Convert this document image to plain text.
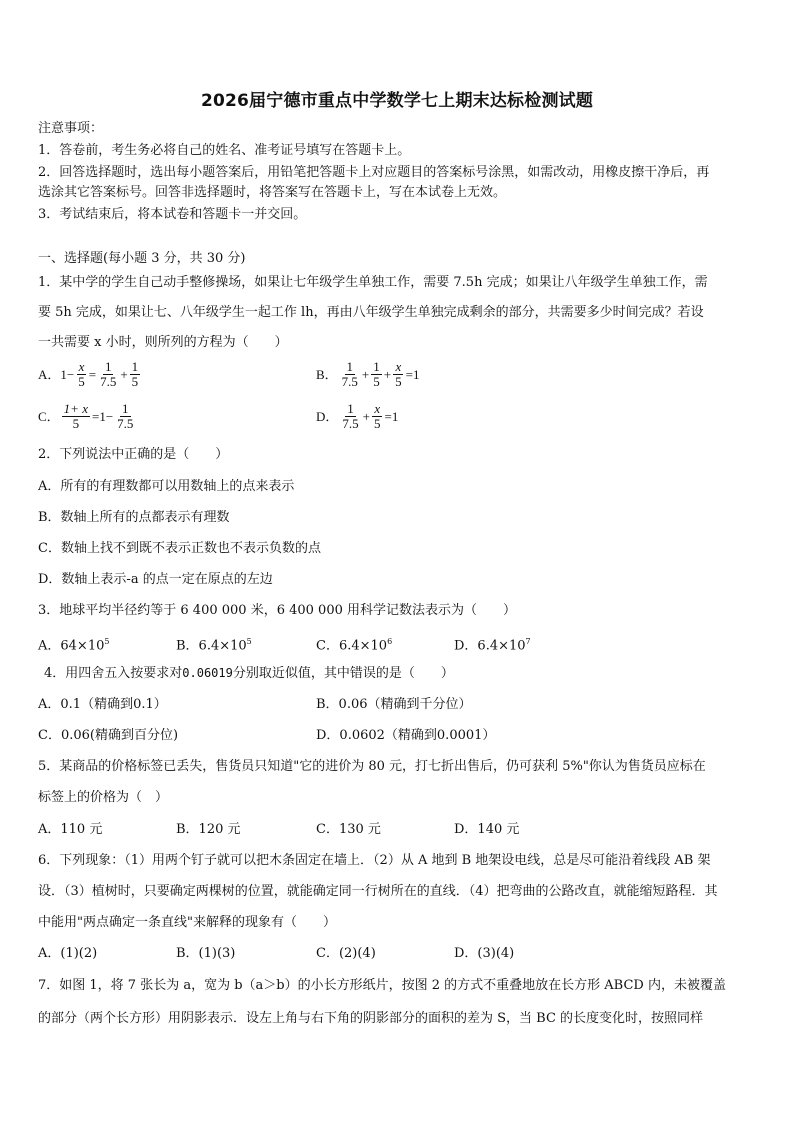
2026届宁德市重点中学数学七上期末达标检测试题
注意事项：
1．答卷前，考生务必将自己的姓名、准考证号填写在答题卡上。
2．回答选择题时，选出每小题答案后，用铅笔把答题卡上对应题目的答案标号涂黑，如需改动，用橡皮擦干净后，再
选涂其它答案标号。回答非选择题时，将答案写在答题卡上，写在本试卷上无效。
3．考试结束后，将本试卷和答题卡一并交回。
一、选择题(每小题 3 分，共 30 分)
1．某中学的学生自己动手整修操场，如果让七年级学生单独工作，需要 7.5h 完成；如果让八年级学生单独工作，需
要 5h 完成，如果让七、八年级学生一起工作 lh，再由八年级学生单独完成剩余的部分，共需要多少时间完成？若设
一共需要 x 小时，则所列的方程为（　　）
A． $1 - \frac{x}{5} = \frac{1}{7.5} + \frac{1}{5}$	B． $\frac{1}{7.5} + \frac{1}{5} + \frac{x}{5} = 1$
C． $\frac{1+ x}{5} = 1 - \frac{1}{7.5}$	D． $\frac{1}{7.5} + \frac{x}{5} = 1$
2．下列说法中正确的是（　　）
A．所有的有理数都可以用数轴上的点来表示
B．数轴上所有的点都表示有理数
C．数轴上找不到既不表示正数也不表示负数的点
D．数轴上表示-a 的点一定在原点的左边
3．地球平均半径约等于 6 400 000 米，6 400 000 用科学记数法表示为（　　）
A．$64\times 10^5$	B．$6.4\times 10^5$	C．$6.4\times 10^6$	D．$6.4\times 10^7$
4．用四舍五入按要求对0.06019分别取近似值，其中错误的是（　　）
A．0.1（精确到0.1）	B．0.06（精确到千分位）
C．0.06(精确到百分位)	D．0.0602（精确到0.0001）
5．某商品的价格标签已丢失，售货员只知道"它的进价为 80 元，打七折出售后，仍可获利 5%"你认为售货员应标在
标签上的价格为（　）
A．110 元	B．120 元	C．130 元	D．140 元
6．下列现象：（1）用两个钉子就可以把木条固定在墙上．（2）从 A 地到 B 地架设电线，总是尽可能沿着线段 AB 架
设．（3）植树时，只要确定两棵树的位置，就能确定同一行树所在的直线．（4）把弯曲的公路改直，就能缩短路程．其
中能用"两点确定一条直线"来解释的现象有（　　）
A．(1)(2)	B．(1)(3)	C．(2)(4)	D．(3)(4)
7．如图 1，将 7 张长为 a，宽为 b（a＞b）的小长方形纸片，按图 2 的方式不重叠地放在长方形 ABCD 内，未被覆盖
的部分（两个长方形）用阴影表示．设左上角与右下角的阴影部分的面积的差为 S，当 BC 的长度变化时，按照同样
